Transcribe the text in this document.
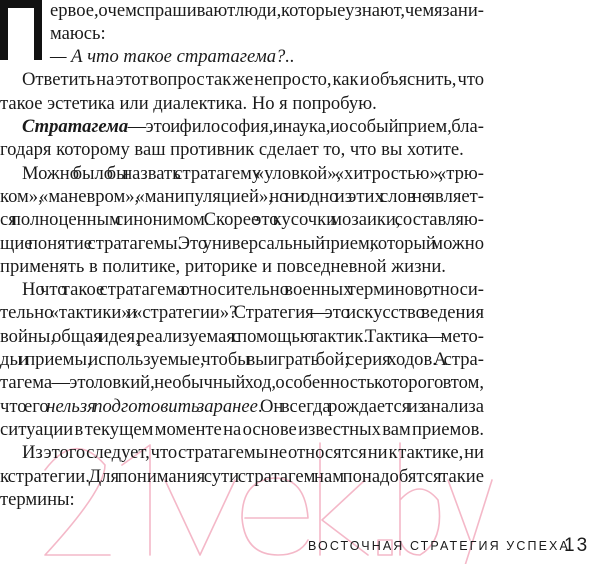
ервое, о чем спрашивают люди, которые узнают, чем я зани-
маюсь:
— А что такое стратагема?..
Ответить на этот вопрос так же непросто, как и объяснить, что
такое эстетика или диалектика. Но я попробую.
Стратагема — это и философия, и наука, и особый прием, бла-
годаря которому ваш противник сделает то, что вы хотите.
Можно было бы назвать стратагему «уловкой», «хитростью», «трю-
ком», «маневром», «манипуляцией», но ни одно из этих слов не являет-
ся полноценным синонимом. Скорее это кусочки мозаики, составляю-
щие понятие стратагемы. Это универсальный прием, который можно
применять в политике, риторике и повседневной жизни.
Но что такое стратагема относительно военных терминов, относи-
тельно «тактики» и «стратегии»? Стратегия — это искусство ведения
войны, общая идея, реализуемая с помощью тактик. Тактика — мето-
ды и приемы, используемые, чтобы выиграть бой; серия ходов. А стра-
тагема — это ловкий, необычный ход, особенность которого в том,
что его нельзя подготовить заранее. Он всегда рождается из анализа
ситуации в текущем моменте на основе известных вам приемов.
Из этого следует, что стратагемы не относятся ни к тактике, ни
к стратегии. Для понимания сути стратагем нам понадобятся такие
термины:
ВОСТОЧНАЯ СТРАТЕГИЯ УСПЕХА
13
